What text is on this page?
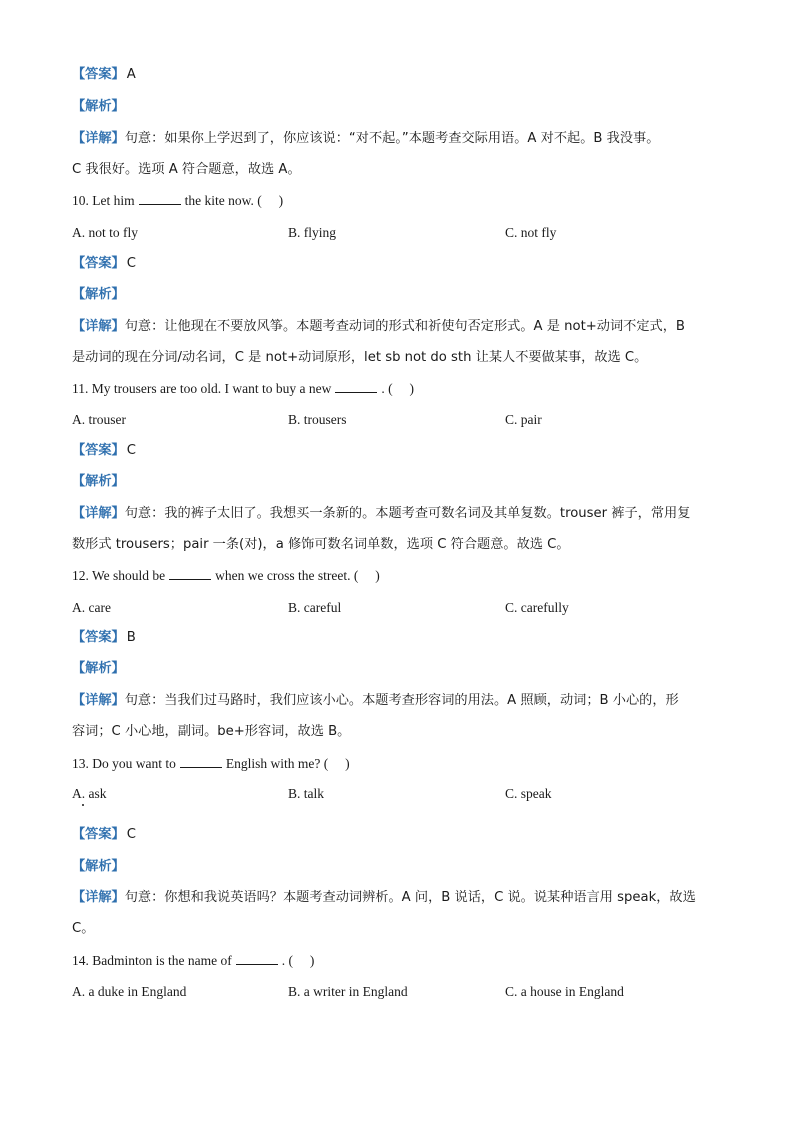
【答案】 A
【解析】
【详解】句意：如果你上学迟到了，你应该说：“对不起。”本题考查交际用语。A 对不起。B 我没事。
C 我很好。选项 A 符合题意，故选 A。
10. Let him	the kite now. (　 )
A. not to fly	B. flying	C. not fly
【答案】 C
【解析】
【详解】句意：让他现在不要放风筝。本题考查动词的形式和祈使句否定形式。A 是 not+动词不定式，B
是动词的现在分词/动名词，C 是 not+动词原形，let sb not do sth 让某人不要做某事，故选 C。
11. My trousers are too old. I want to buy a new	. (　 )
A. trouser	B. trousers	C. pair
【答案】 C
【解析】
【详解】句意：我的裤子太旧了。我想买一条新的。本题考查可数名词及其单复数。trouser 裤子，常用复
数形式 trousers；pair 一条(对)，a 修饰可数名词单数，选项 C 符合题意。故选 C。
12. We should be	when we cross the street. (　 )
A. care	B. careful	C. carefully
【答案】 B
【解析】
【详解】句意：当我们过马路时，我们应该小心。本题考查形容词的用法。A 照顾，动词；B 小心的，形
容词；C 小心地，副词。be+形容词，故选 B。
13. Do you want to	English with me? (　 )
A. ask	B. talk	C. speak
【答案】 C
【解析】
【详解】句意：你想和我说英语吗？本题考查动词辨析。A 问，B 说话，C 说。说某种语言用 speak，故选
C。
14. Badminton is the name of	. (　 )
A. a duke in England	B. a writer in England	C. a house in England
